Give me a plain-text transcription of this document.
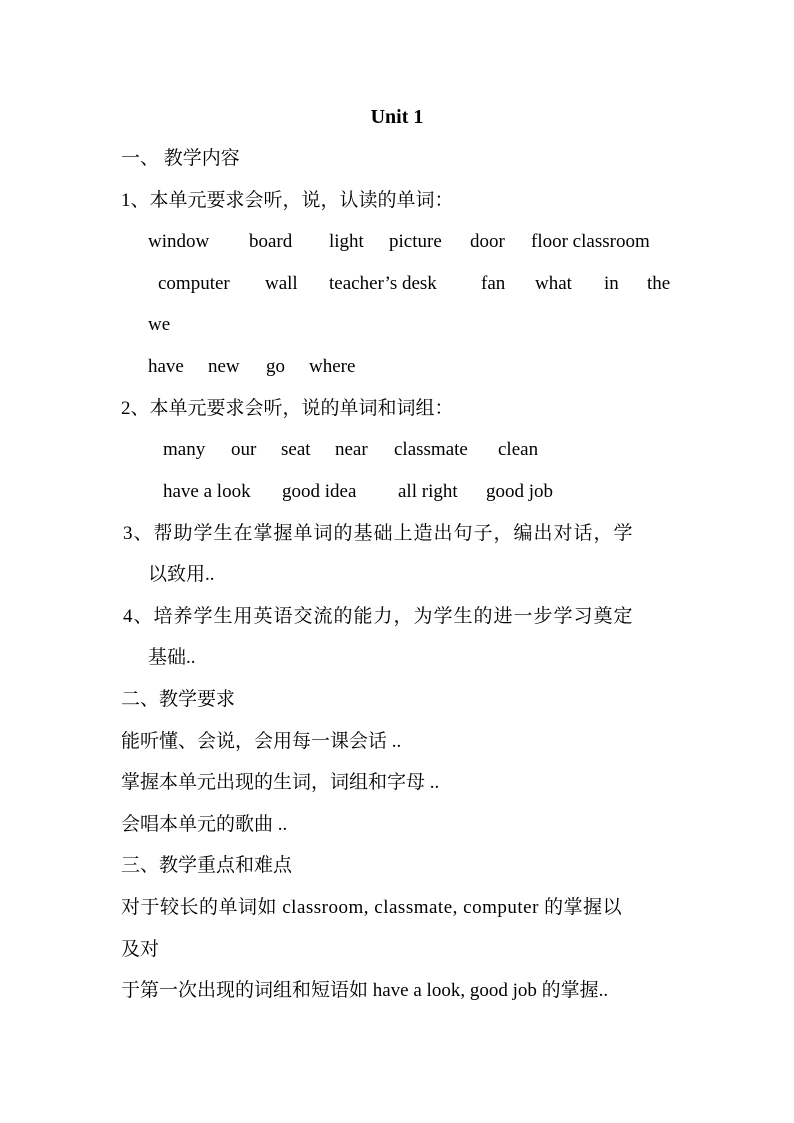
Unit 1
一、 教学内容
1、本单元要求会听，说，认读的单词：
window board light picture door floor classroom
computer wall teacher’s desk fan what in the
we
have new go where
2、本单元要求会听，说的单词和词组：
many our seat near classmate clean
have a look good idea all right good job
3、帮助学生在掌握单词的基础上造出句子，编出对话，学
以致用..
4、培养学生用英语交流的能力，为学生的进一步学习奠定
基础..
二、教学要求
能听懂、会说，会用每一课会话 ..
掌握本单元出现的生词，词组和字母 ..
会唱本单元的歌曲 ..
三、教学重点和难点
对于较长的单词如 classroom, classmate, computer 的掌握以
及对
于第一次出现的词组和短语如 have a look, good job 的掌握..
